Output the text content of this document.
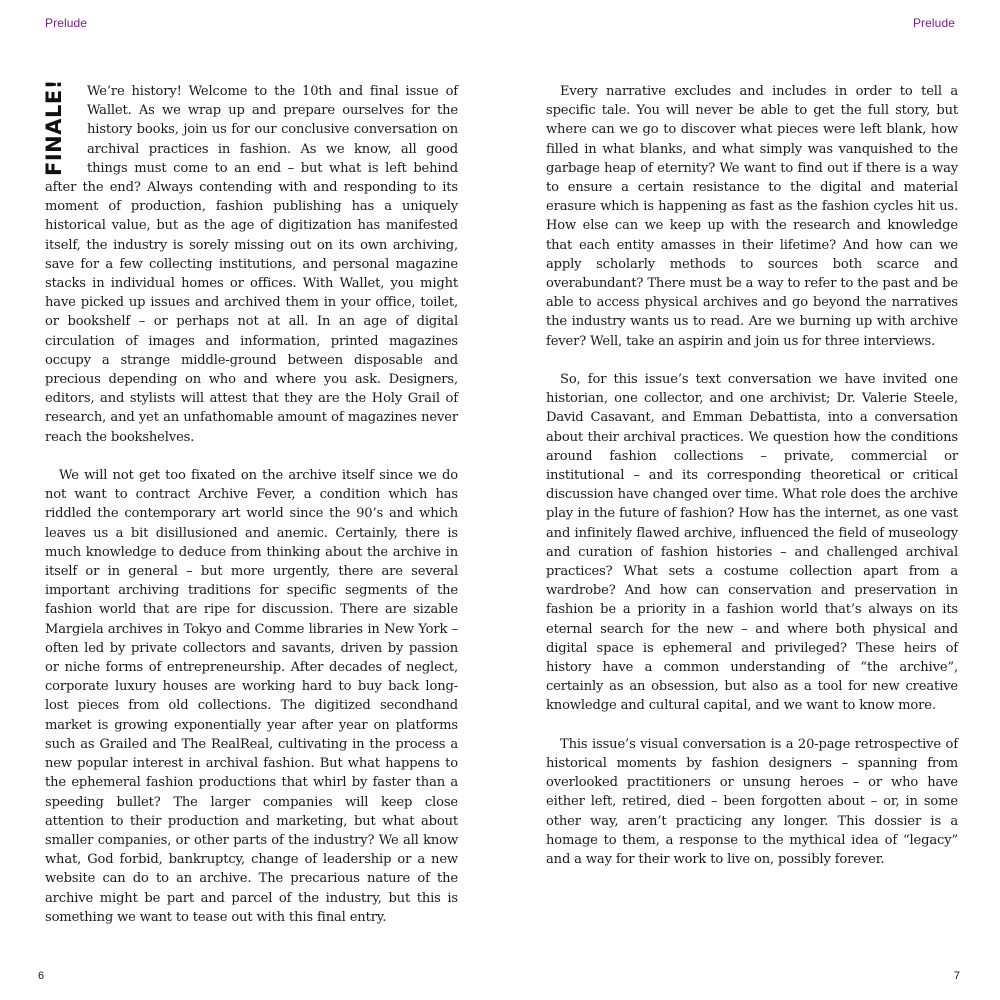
Prelude	Prelude
FINALE!	We’re history! Welcome to the 10th and final issue of Wallet. As we wrap up and prepare ourselves for the history books, join us for our conclusive conversation on archival practices in fashion. As we know, all good things must come to an end – but what is left behind after the end? Always contending with and responding to its moment of production, fashion publishing has a uniquely historical value, but as the age of digitization has manifested itself, the industry is sorely missing out on its own archiving, save for a few collecting institutions, and personal magazine stacks in individual homes or offices. With Wallet, you might have picked up issues and archived them in your office, toilet, or bookshelf – or perhaps not at all. In an age of digital circulation of images and information, printed magazines occupy a strange middle-ground between disposable and precious depending on who and where you ask. Designers, editors, and stylists will attest that they are the Holy Grail of research, and yet an unfathomable amount of magazines never reach the bookshelves.

We will not get too fixated on the archive itself since we do not want to contract Archive Fever, a condition which has riddled the contemporary art world since the 90’s and which leaves us a bit disillusioned and anemic. Certainly, there is much knowledge to deduce from thinking about the archive in itself or in general – but more urgently, there are several important archiving traditions for specific segments of the fashion world that are ripe for discussion. There are sizable Margiela archives in Tokyo and Comme libraries in New York – often led by private collectors and savants, driven by passion or niche forms of entrepreneurship. After decades of neglect, corporate luxury houses are working hard to buy back long-lost pieces from old collections. The digitized secondhand market is growing exponentially year after year on platforms such as Grailed and The RealReal, cultivating in the process a new popular interest in archival fashion. But what happens to the ephemeral fashion productions that whirl by faster than a speeding bullet? The larger companies will keep close attention to their production and marketing, but what about smaller companies, or other parts of the industry? We all know what, God forbid, bankruptcy, change of leadership or a new website can do to an archive. The precarious nature of the archive might be part and parcel of the industry, but this is something we want to tease out with this final entry.

Every narrative excludes and includes in order to tell a specific tale. You will never be able to get the full story, but where can we go to discover what pieces were left blank, how filled in what blanks, and what simply was vanquished to the garbage heap of eternity? We want to find out if there is a way to ensure a certain resistance to the digital and material erasure which is happening as fast as the fashion cycles hit us. How else can we keep up with the research and knowledge that each entity amasses in their lifetime? And how can we apply scholarly methods to sources both scarce and overabundant? There must be a way to refer to the past and be able to access physical archives and go beyond the narratives the industry wants us to read. Are we burning up with archive fever? Well, take an aspirin and join us for three interviews.

So, for this issue’s text conversation we have invited one historian, one collector, and one archivist; Dr. Valerie Steele, David Casavant, and Emman Debattista, into a conversation about their archival practices. We question how the conditions around fashion collections – private, commercial or institutional – and its corresponding theoretical or critical discussion have changed over time. What role does the archive play in the future of fashion? How has the internet, as one vast and infinitely flawed archive, influenced the field of museology and curation of fashion histories – and challenged archival practices? What sets a costume collection apart from a wardrobe? And how can conservation and preservation in fashion be a priority in a fashion world that’s always on its eternal search for the new – and where both physical and digital space is ephemeral and privileged? These heirs of history have a common understanding of “the archive”, certainly as an obsession, but also as a tool for new creative knowledge and cultural capital, and we want to know more.

This issue’s visual conversation is a 20-page retrospective of historical moments by fashion designers – spanning from overlooked practitioners or unsung heroes – or who have either left, retired, died – been forgotten about – or, in some other way, aren’t practicing any longer. This dossier is a homage to them, a response to the mythical idea of “legacy” and a way for their work to live on, possibly forever.

6	7
